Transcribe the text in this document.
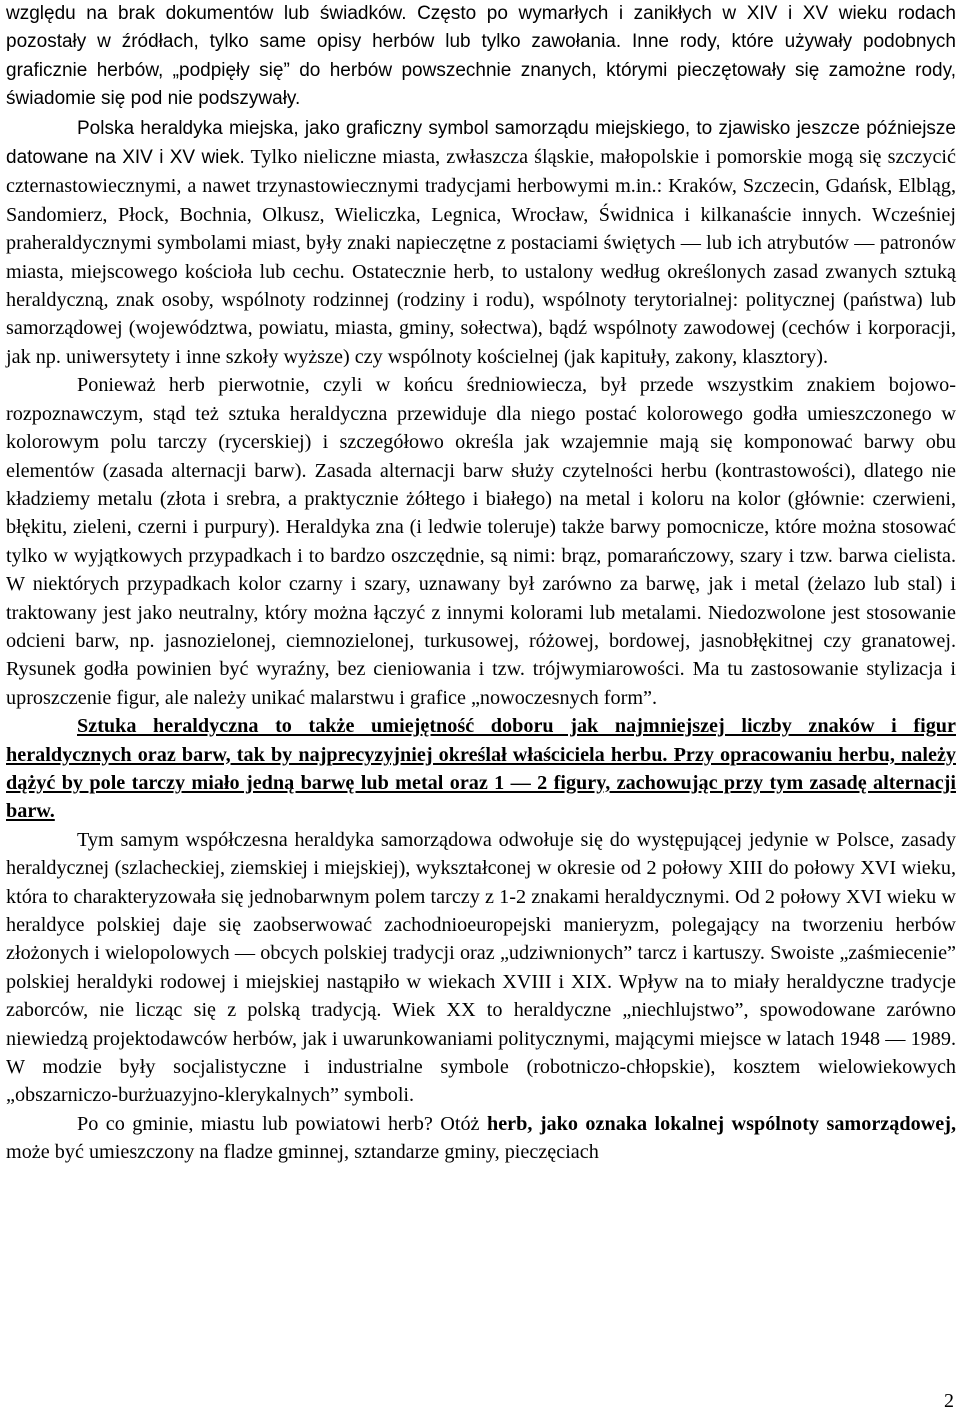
względu na brak dokumentów lub świadków. Często po wymarłych i zanikłych w XIV i XV wieku rodach pozostały w źródłach, tylko same opisy herbów lub tylko zawołania. Inne rody, które używały podobnych graficznie herbów, „podpięły się” do herbów powszechnie znanych, którymi pieczętowały się zamożne rody, świadomie się pod nie podszywały.

Polska heraldyka miejska, jako graficzny symbol samorządu miejskiego, to zjawisko jeszcze późniejsze datowane na XIV i XV wiek. Tylko nieliczne miasta, zwłaszcza śląskie, małopolskie i pomorskie mogą się szczycić czternastowiecznymi, a nawet trzynastowiecznymi tradycjami herbowymi m.in.: Kraków, Szczecin, Gdańsk, Elbląg, Sandomierz, Płock, Bochnia, Olkusz, Wieliczka, Legnica, Wrocław, Świdnica i kilkanaście innych. Wcześniej praheraldycznymi symbolami miast, były znaki napieczętne z postaciami świętych — lub ich atrybutów — patronów miasta, miejscowego kościoła lub cechu. Ostatecznie herb, to ustalony według określonych zasad zwanych sztuką heraldyczną, znak osoby, wspólnoty rodzinnej (rodziny i rodu), wspólnoty terytorialnej: politycznej (państwa) lub samorządowej (województwa, powiatu, miasta, gminy, sołectwa), bądź wspólnoty zawodowej (cechów i korporacji, jak np. uniwersytety i inne szkoły wyższe) czy wspólnoty kościelnej (jak kapituły, zakony, klasztory).

Ponieważ herb pierwotnie, czyli w końcu średniowiecza, był przede wszystkim znakiem bojowo-rozpoznawczym, stąd też sztuka heraldyczna przewiduje dla niego postać kolorowego godła umieszczonego w kolorowym polu tarczy (rycerskiej) i szczegółowo określa jak wzajemnie mają się komponować barwy obu elementów (zasada alternacji barw). Zasada alternacji barw służy czytelności herbu (kontrastowości), dlatego nie kładziemy metalu (złota i srebra, a praktycznie żółtego i białego) na metal i koloru na kolor (głównie: czerwieni, błękitu, zieleni, czerni i purpury). Heraldyka zna (i ledwie toleruje) także barwy pomocnicze, które można stosować tylko w wyjątkowych przypadkach i to bardzo oszczędnie, są nimi: brąz, pomarańczowy, szary i tzw. barwa cielista. W niektórych przypadkach kolor czarny i szary, uznawany był zarówno za barwę, jak i metal (żelazo lub stal) i traktowany jest jako neutralny, który można łączyć z innymi kolorami lub metalami. Niedozwolone jest stosowanie odcieni barw, np. jasnozielonej, ciemnozielonej, turkusowej, różowej, bordowej, jasnobłękitnej czy granatowej. Rysunek godła powinien być wyraźny, bez cieniowania i tzw. trójwymiarowości. Ma tu zastosowanie stylizacja i uproszczenie figur, ale należy unikać malarstwu i grafice „nowoczesnych form”.

Sztuka heraldyczna to także umiejętność doboru jak najmniejszej liczby znaków i figur heraldycznych oraz barw, tak by najprecyzyjniej określał właściciela herbu. Przy opracowaniu herbu, należy dążyć by pole tarczy miało jedną barwę lub metal oraz 1 — 2 figury, zachowując przy tym zasadę alternacji barw.

Tym samym współczesna heraldyka samorządowa odwołuje się do występującej jedynie w Polsce, zasady heraldycznej (szlacheckiej, ziemskiej i miejskiej), wykształconej w okresie od 2 połowy XIII do połowy XVI wieku, która to charakteryzowała się jednobarwnym polem tarczy z 1-2 znakami heraldycznymi. Od 2 połowy XVI wieku w heraldyce polskiej daje się zaobserwować zachodnioeuropejski manieryzm, polegający na tworzeniu herbów złożonych i wielopolowych — obcych polskiej tradycji oraz „udziwnionych” tarcz i kartuszy. Swoiste „zaśmiecenie” polskiej heraldyki rodowej i miejskiej nastąpiło w wiekach XVIII i XIX. Wpływ na to miały heraldyczne tradycje zaborców, nie licząc się z polską tradycją. Wiek XX to heraldyczne „niechlujstwo”, spowodowane zarówno niewiedzą projektodawców herbów, jak i uwarunkowaniami politycznymi, mającymi miejsce w latach 1948 — 1989. W modzie były socjalistyczne i industrialne symbole (robotniczo-chłopskie), kosztem wielowiekowych „obszarniczo-burżuazyjno-klerykalnych” symboli.

Po co gminie, miastu lub powiatowi herb? Otóż herb, jako oznaka lokalnej wspólnoty samorządowej, może być umieszczony na fladze gminnej, sztandarze gminy, pieczęciach

2
